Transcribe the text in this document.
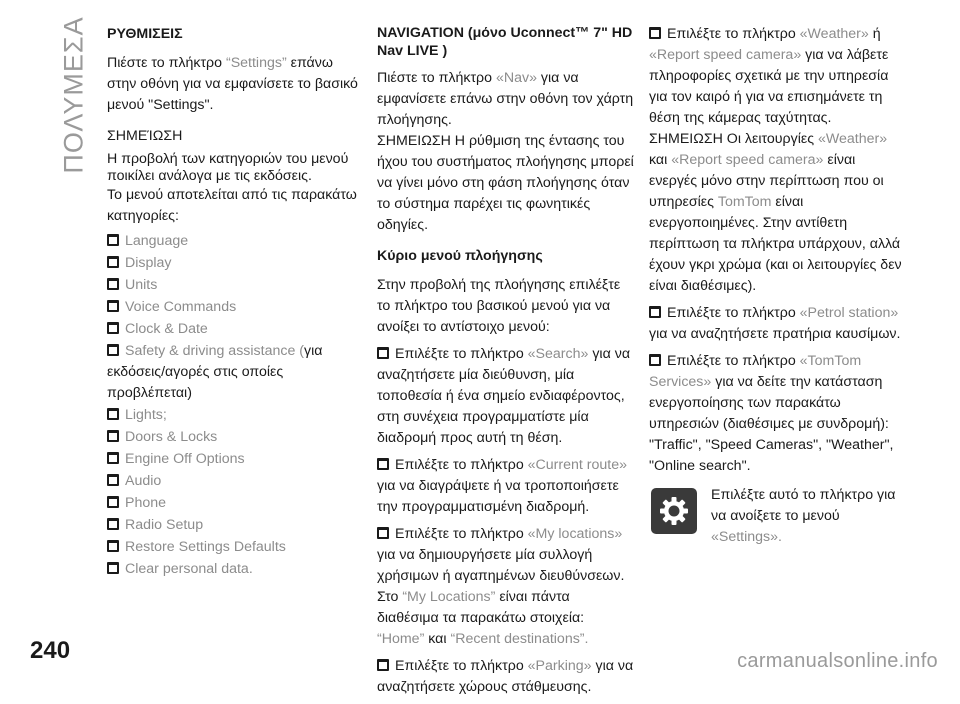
ΠΟΛΥΜΕΣΑ ΡΥΘΜΙΣΕΙΣ

Πιέστε το πλήκτρο “Settings” επάνω στην οθόνη για να εμφανίσετε το βασικό μενού "Settings".

ΣΗΜΕΊΩΣΗ

Η προβολή των κατηγοριών του μενού ποικίλει ανάλογα με τις εκδόσεις.

Το μενού αποτελείται από τις παρακάτω κατηγορίες:

Language
Display
Units
Voice Commands
Clock & Date
Safety & driving assistance (για εκδόσεις/αγορές στις οποίες προβλέπεται)
Lights;
Doors & Locks
Engine Off Options
Audio
Phone
Radio Setup
Restore Settings Defaults
Clear personal data.

NAVIGATION (μόνο Uconnect™ 7" HD Nav LIVE )

Πιέστε το πλήκτρο «Nav» για να εμφανίσετε επάνω στην οθόνη τον χάρτη πλοήγησης.
ΣΗΜΕΙΩΣΗ Η ρύθμιση της έντασης του ήχου του συστήματος πλοήγησης μπορεί να γίνει μόνο στη φάση πλοήγησης όταν το σύστημα παρέχει τις φωνητικές οδηγίες.

Κύριο μενού πλοήγησης

Στην προβολή της πλοήγησης επιλέξτε το πλήκτρο του βασικού μενού για να ανοίξει το αντίστοιχο μενού:

Επιλέξτε το πλήκτρο «Search» για να αναζητήσετε μία διεύθυνση, μία τοποθεσία ή ένα σημείο ενδιαφέροντος, στη συνέχεια προγραμματίστε μία διαδρομή προς αυτή τη θέση.

Επιλέξτε το πλήκτρο «Current route» για να διαγράψετε ή να τροποποιήσετε την προγραμματισμένη διαδρομή.

Επιλέξτε το πλήκτρο «My locations» για να δημιουργήσετε μία συλλογή χρήσιμων ή αγαπημένων διευθύνσεων. Στο “My Locations” είναι πάντα διαθέσιμα τα παρακάτω στοιχεία: “Home” και “Recent destinations”.

Επιλέξτε το πλήκτρο «Parking» για να αναζητήσετε χώρους στάθμευσης.

Επιλέξτε το πλήκτρο «Weather» ή «Report speed camera» για να λάβετε πληροφορίες σχετικά με την υπηρεσία για τον καιρό ή για να επισημάνετε τη θέση της κάμερας ταχύτητας.
ΣΗΜΕΙΩΣΗ Οι λειτουργίες «Weather» και «Report speed camera» είναι ενεργές μόνο στην περίπτωση που οι υπηρεσίες TomTom είναι ενεργοποιημένες. Στην αντίθετη περίπτωση τα πλήκτρα υπάρχουν, αλλά έχουν γκρι χρώμα (και οι λειτουργίες δεν είναι διαθέσιμες).

Επιλέξτε το πλήκτρο «Petrol station» για να αναζητήσετε πρατήρια καυσίμων.

Επιλέξτε το πλήκτρο «TomTom Services» για να δείτε την κατάσταση ενεργοποίησης των παρακάτω υπηρεσιών (διαθέσιμες με συνδρομή): "Traffic", "Speed Cameras", "Weather", "Online search".

Επιλέξτε αυτό το πλήκτρο για να ανοίξετε το μενού «Settings».
240	carmanualsonline.info
